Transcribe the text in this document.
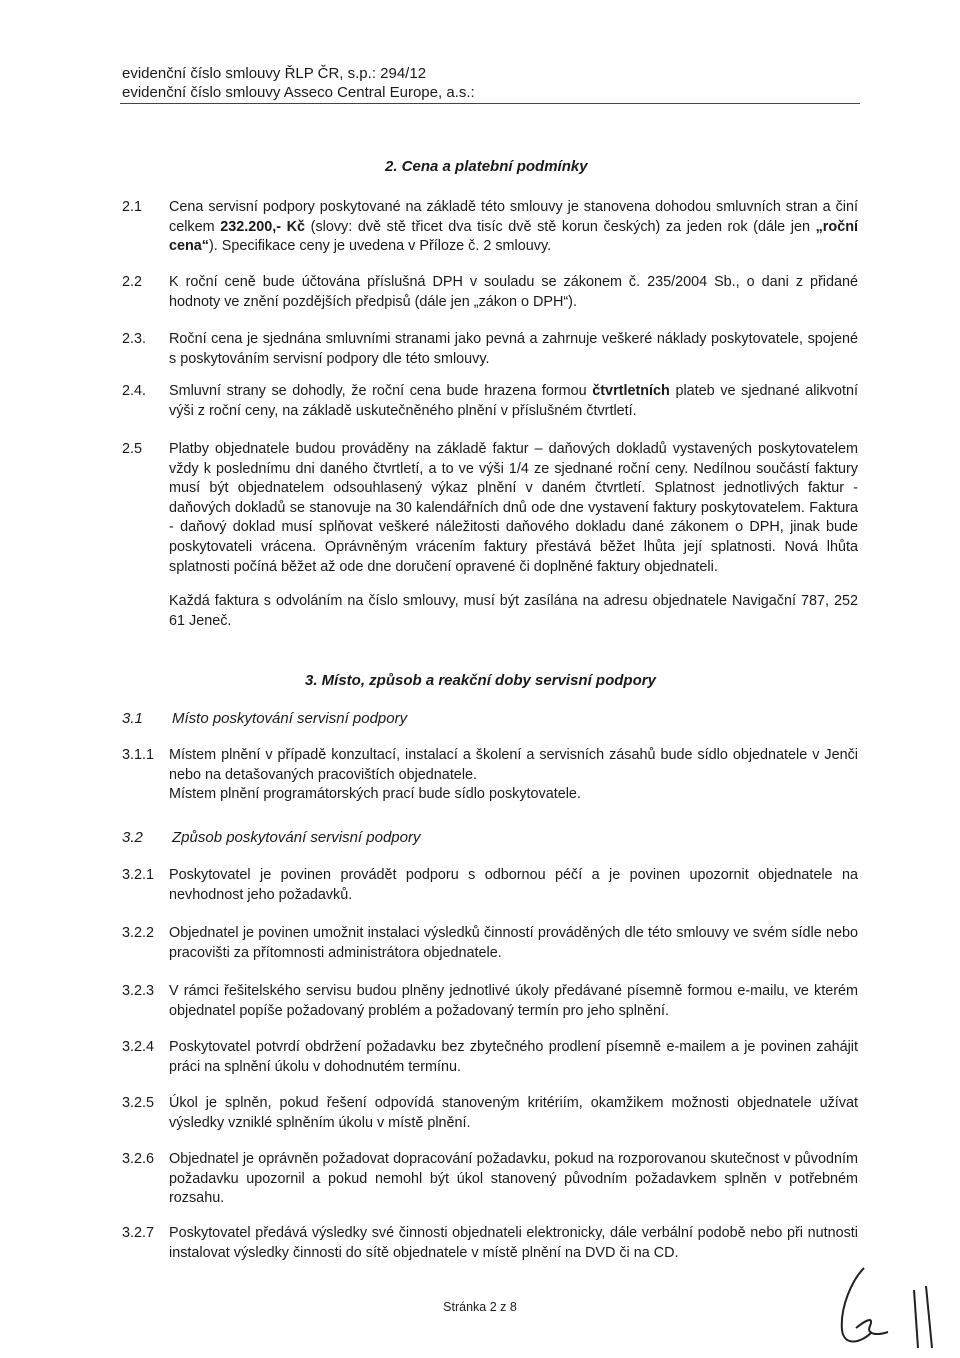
evidenční číslo smlouvy ŘLP ČR, s.p.: 294/12
evidenční číslo smlouvy Asseco Central Europe, a.s.:
2. Cena a platební podmínky
2.1 Cena servisní podpory poskytované na základě této smlouvy je stanovena dohodou smluvních stran a činí celkem 232.200,- Kč (slovy: dvě stě třicet dva tisíc dvě stě korun českých) za jeden rok (dále jen „roční cena“). Specifikace ceny je uvedena v Příloze č. 2 smlouvy.
2.2 K roční ceně bude účtována příslušná DPH v souladu se zákonem č. 235/2004 Sb., o dani z přidané hodnoty ve znění pozdějších předpisů (dále jen „zákon o DPH“).
2.3. Roční cena je sjednána smluvními stranami jako pevná a zahrnuje veškeré náklady poskytovatele, spojené s poskytováním servisní podpory dle této smlouvy.
2.4. Smluvní strany se dohodly, že roční cena bude hrazena formou čtvrtletních plateb ve sjednané alikvotní výši z roční ceny, na základě uskutečněného plnění v příslušném čtvrtletí.
2.5 Platby objednatele budou prováděny na základě faktur – daňových dokladů vystavených poskytovatelem vždy k poslednímu dni daného čtvrtletí, a to ve výši 1/4 ze sjednané roční ceny. Nedílnou součástí faktury musí být objednatelem odsouhlasený výkaz plnění v daném čtvrtletí. Splatnost jednotlivých faktur - daňových dokladů se stanovuje na 30 kalendářních dnů ode dne vystavení faktury poskytovatelem. Faktura - daňový doklad musí splňovat veškeré náležitosti daňového dokladu dané zákonem o DPH, jinak bude poskytovateli vrácena. Oprávněným vrácením faktury přestává běžet lhůta její splatnosti. Nová lhůta splatnosti počíná běžet až ode dne doručení opravené či doplněné faktury objednateli.

Každá faktura s odvoláním na číslo smlouvy, musí být zasílána na adresu objednatele Navigační 787, 252 61 Jeneč.

3. Místo, způsob a reakční doby servisní podpory
3.1 Místo poskytování servisní podpory
3.1.1 Místem plnění v případě konzultací, instalací a školení a servisních zásahů bude sídlo objednatele v Jenči nebo na detašovaných pracovištích objednatele.

Místem plnění programátorských prací bude sídlo poskytovatele.

3.2 Způsob poskytování servisní podpory
3.2.1 Poskytovatel je povinen provádět podporu s odbornou péčí a je povinen upozornit objednatele na nevhodnost jeho požadavků.
3.2.2 Objednatel je povinen umožnit instalaci výsledků činností prováděných dle této smlouvy ve svém sídle nebo pracovišti za přítomnosti administrátora objednatele.
3.2.3 V rámci řešitelského servisu budou plněny jednotlivé úkoly předávané písemně formou e-mailu, ve kterém objednatel popíše požadovaný problém a požadovaný termín pro jeho splnění.
3.2.4 Poskytovatel potvrdí obdržení požadavku bez zbytečného prodlení písemně e-mailem a je povinen zahájit práci na splnění úkolu v dohodnutém termínu.
3.2.5 Úkol je splněn, pokud řešení odpovídá stanoveným kritériím, okamžikem možnosti objednatele užívat výsledky vzniklé splněním úkolu v místě plnění.
3.2.6 Objednatel je oprávněn požadovat dopracování požadavku, pokud na rozporovanou skutečnost v původním požadavku upozornil a pokud nemohl být úkol stanovený původním požadavkem splněn v potřebném rozsahu.
3.2.7 Poskytovatel předává výsledky své činnosti objednateli elektronicky, dále verbální podobě nebo při nutnosti instalovat výsledky činnosti do sítě objednatele v místě plnění na DVD či na CD.
Stránka 2 z 8
